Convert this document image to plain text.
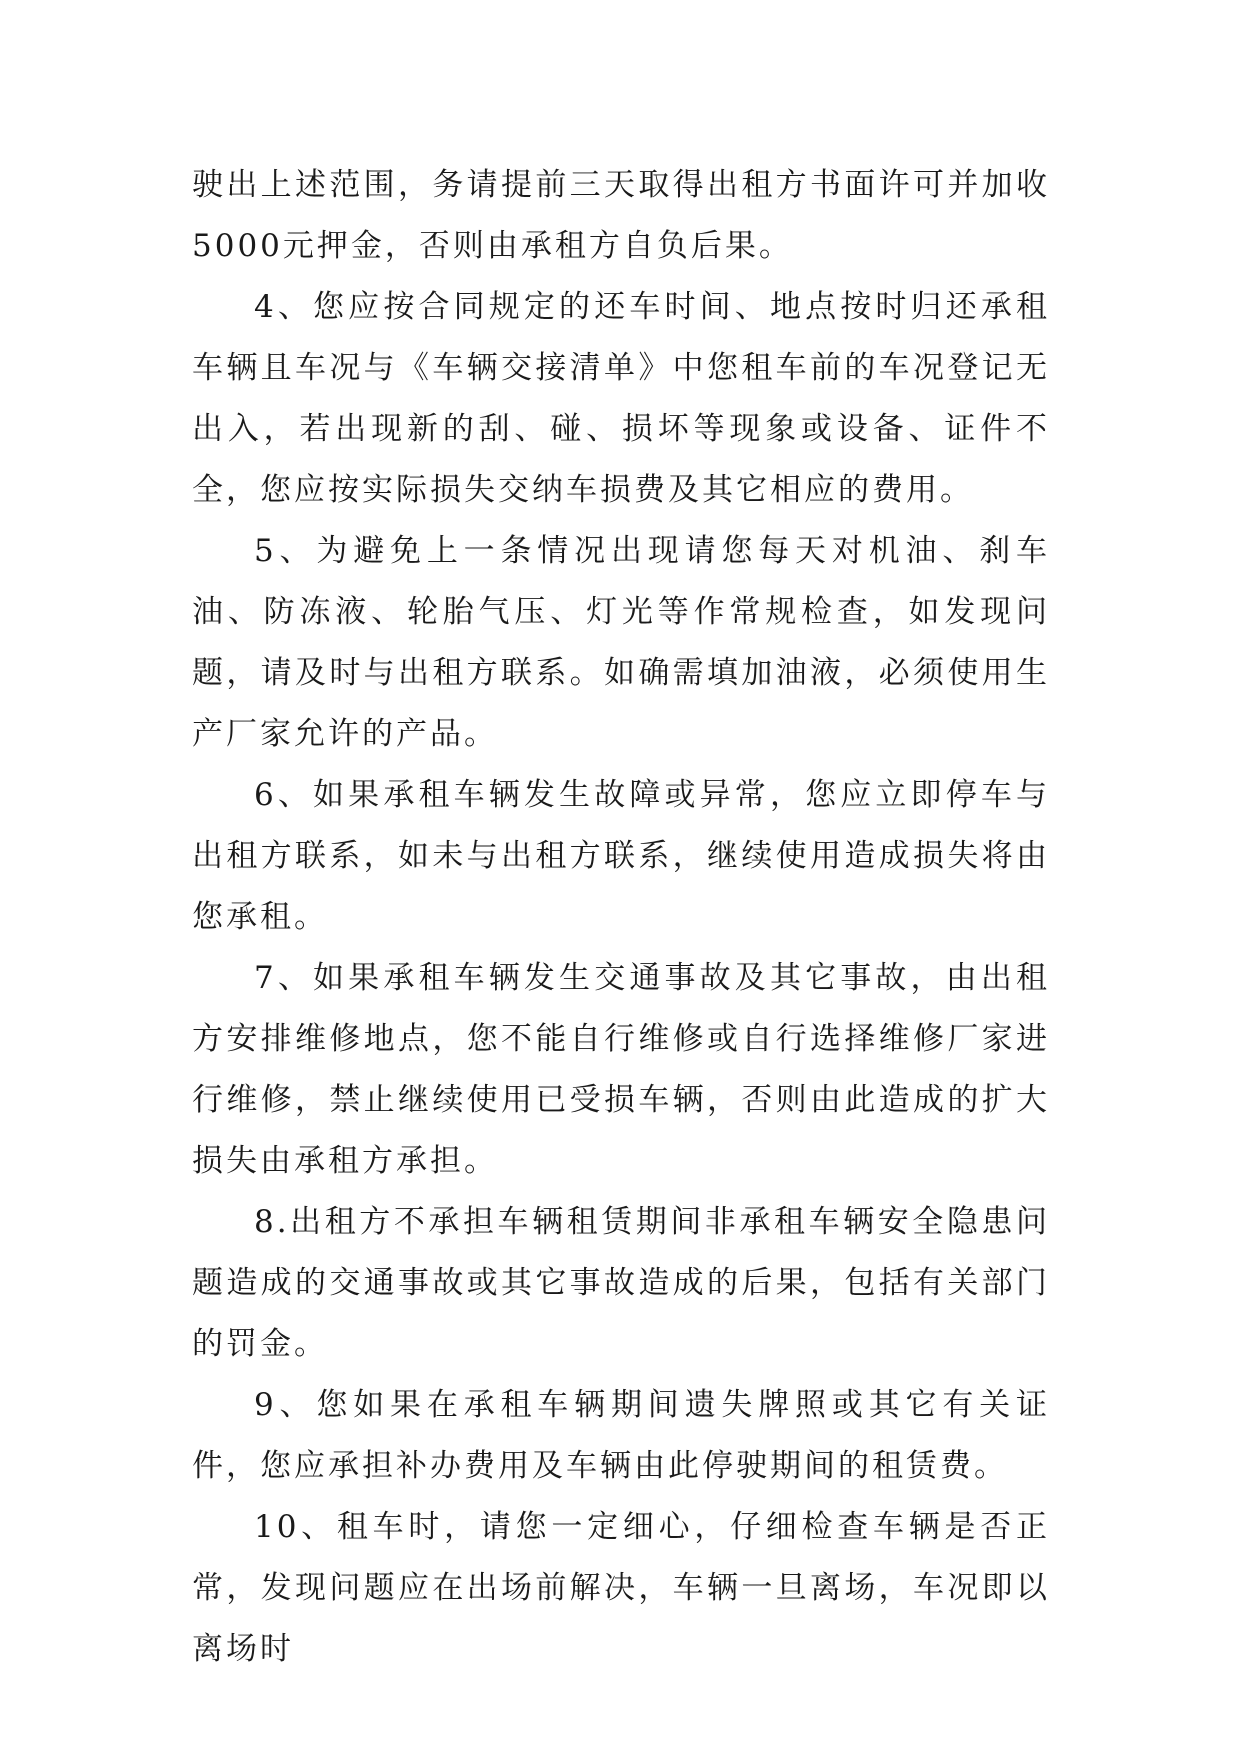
驶出上述范围，务请提前三天取得出租方书面许可并加收5000元押金，否则由承租方自负后果。

4、您应按合同规定的还车时间、地点按时归还承租车辆且车况与《车辆交接清单》中您租车前的车况登记无出入，若出现新的刮、碰、损坏等现象或设备、证件不全，您应按实际损失交纳车损费及其它相应的费用。

5、为避免上一条情况出现请您每天对机油、刹车油、防冻液、轮胎气压、灯光等作常规检查，如发现问题，请及时与出租方联系。如确需填加油液，必须使用生产厂家允许的产品。

6、如果承租车辆发生故障或异常，您应立即停车与出租方联系，如未与出租方联系，继续使用造成损失将由您承租。

7、如果承租车辆发生交通事故及其它事故，由出租方安排维修地点，您不能自行维修或自行选择维修厂家进行维修，禁止继续使用已受损车辆，否则由此造成的扩大损失由承租方承担。

8.出租方不承担车辆租赁期间非承租车辆安全隐患问题造成的交通事故或其它事故造成的后果，包括有关部门的罚金。

9、您如果在承租车辆期间遗失牌照或其它有关证件，您应承担补办费用及车辆由此停驶期间的租赁费。

10、租车时，请您一定细心，仔细检查车辆是否正常，发现问题应在出场前解决，车辆一旦离场，车况即以离场时
